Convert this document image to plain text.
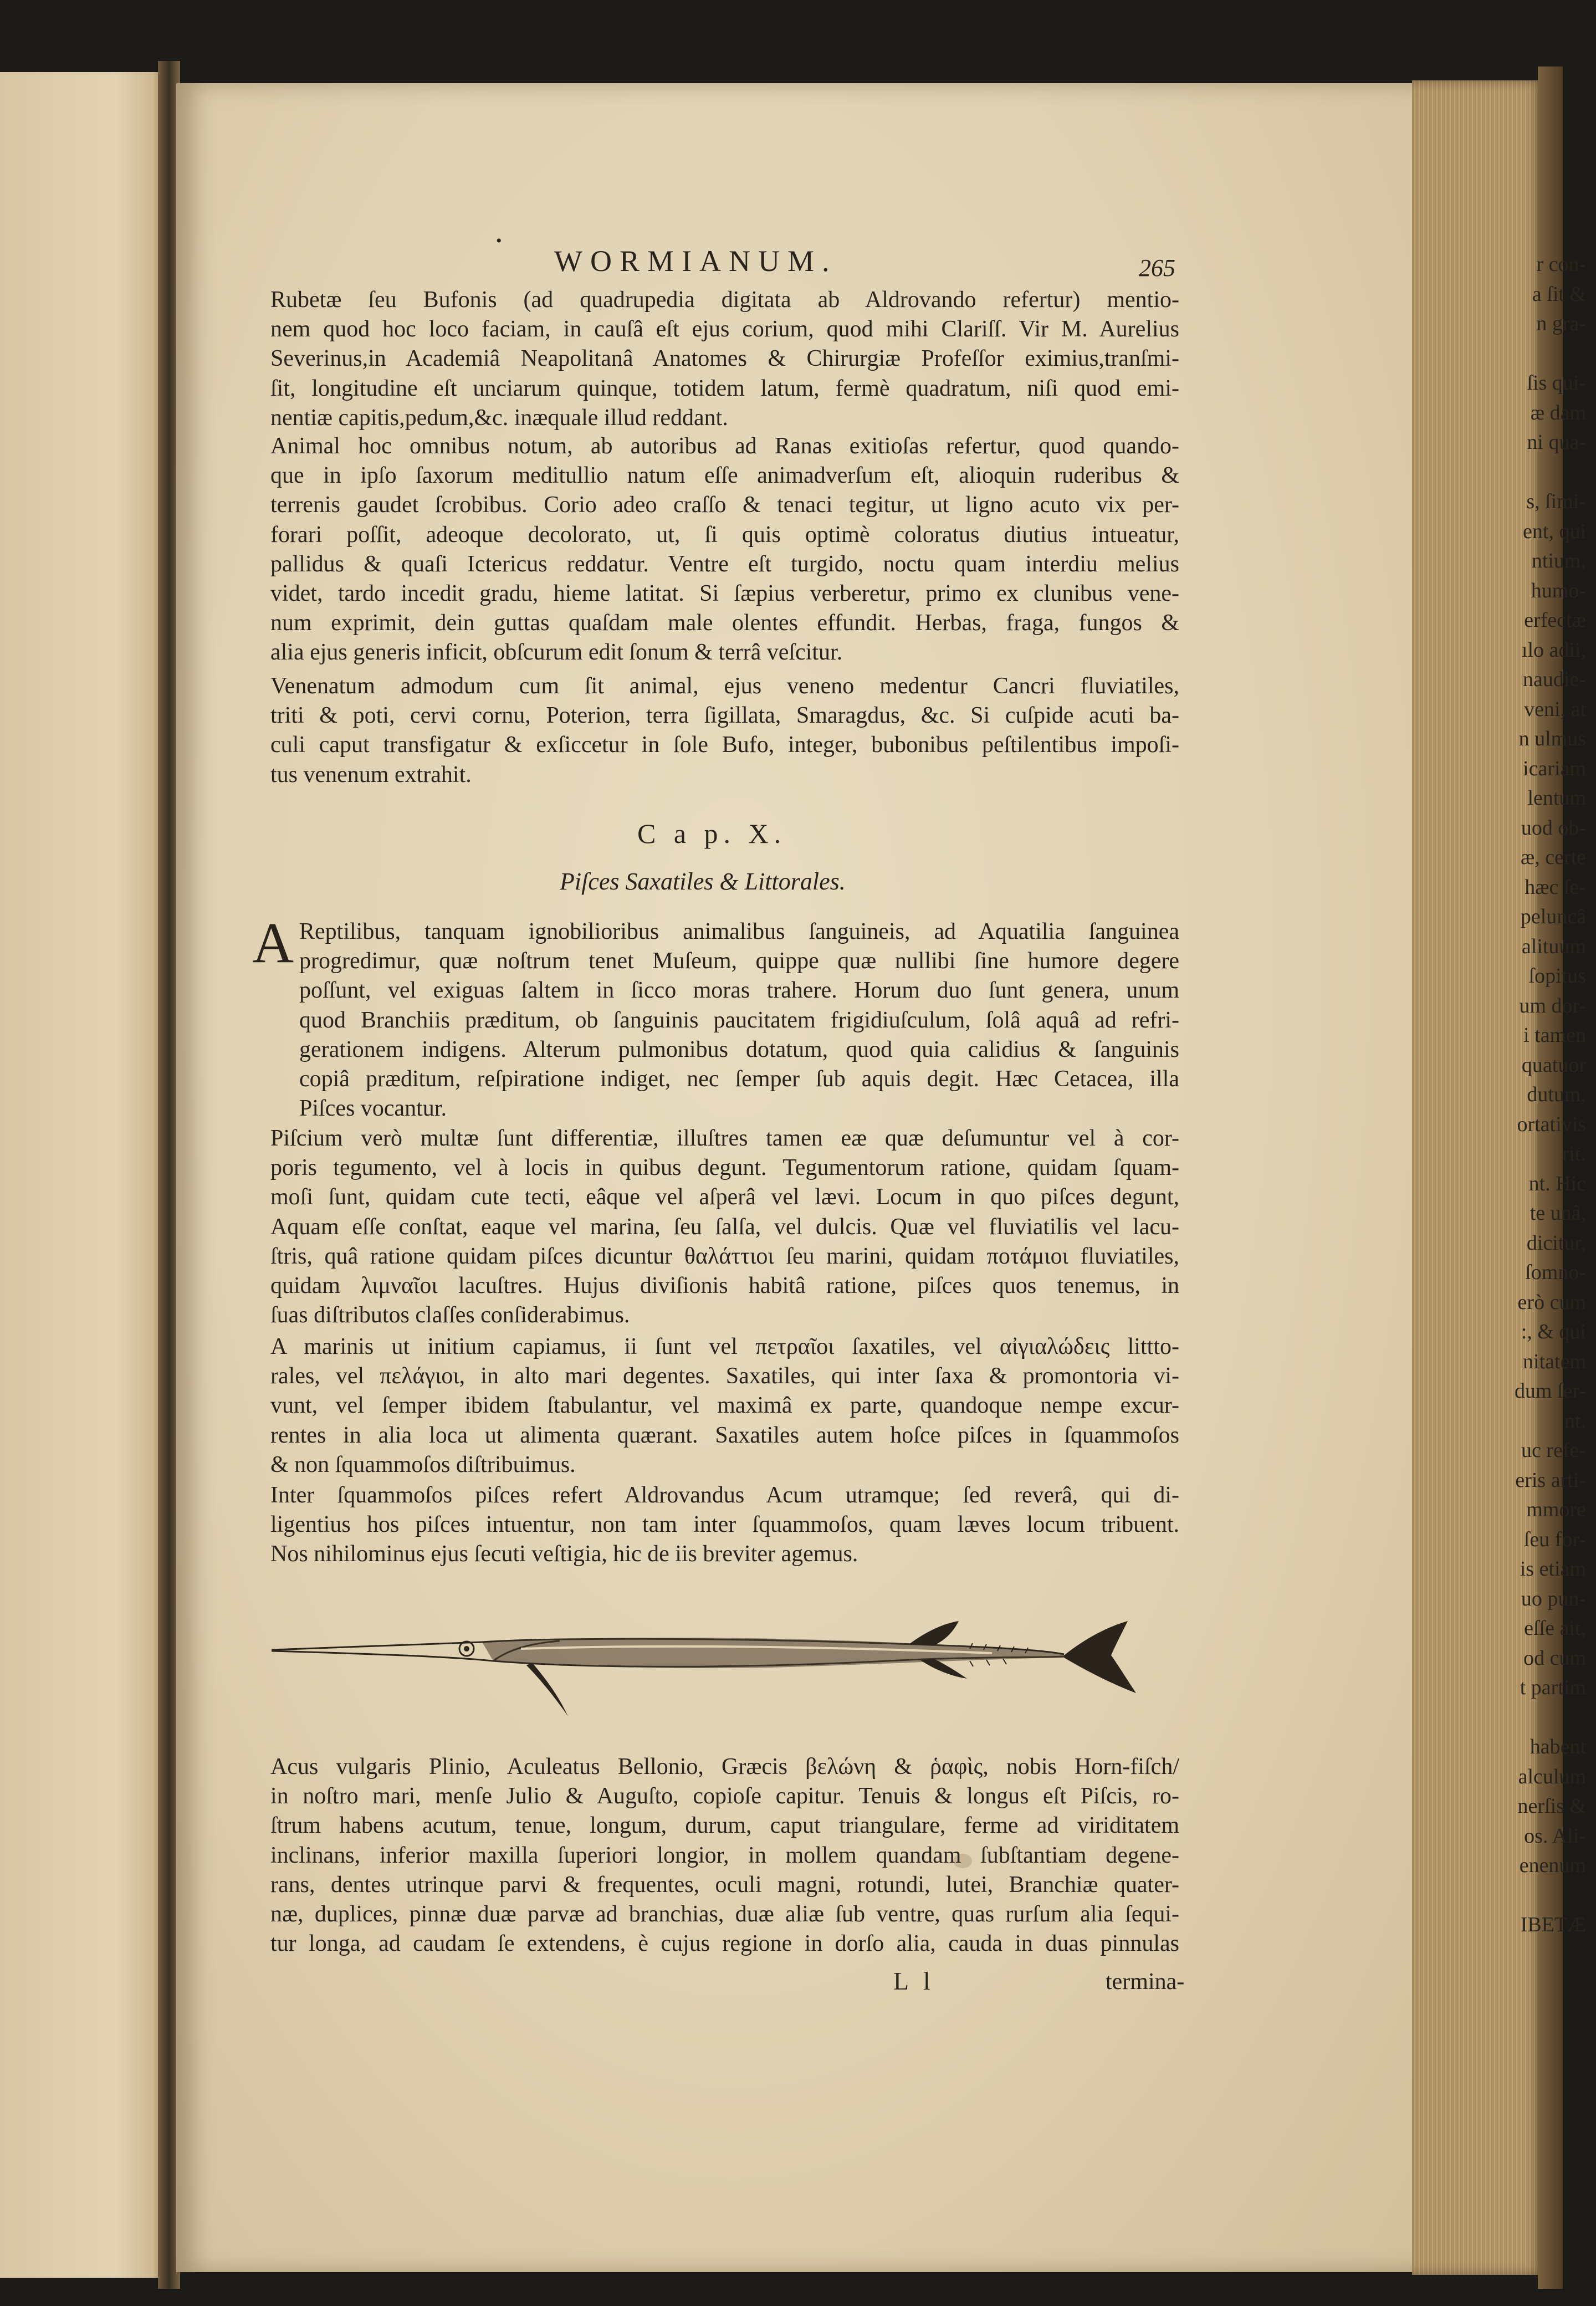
•
WORMIANUM.	265
Rubetæ ſeu Bufonis (ad quadrupedia digitata ab Aldrovando refertur) mentio-
nem quod hoc loco faciam, in cauſâ eſt ejus corium, quod mihi Clariſſ. Vir M. Aurelius
Severinus,in Academiâ Neapolitanâ Anatomes & Chirurgiæ Profeſſor eximius,tranſmi-
ſit, longitudine eſt unciarum quinque, totidem latum, fermè quadratum, niſi quod emi-
nentiæ capitis,pedum,&c. inæquale illud reddant.
Animal hoc omnibus notum, ab autoribus ad Ranas exitioſas refertur, quod quando-
que in ipſo ſaxorum meditullio natum eſſe animadverſum eſt, alioquin ruderibus &
terrenis gaudet ſcrobibus. Corio adeo craſſo & tenaci tegitur, ut ligno acuto vix per-
forari poſſit, adeoque decolorato, ut, ſi quis optimè coloratus diutius intueatur,
pallidus & quaſi Ictericus reddatur. Ventre eſt turgido, noctu quam interdiu melius
videt, tardo incedit gradu, hieme latitat. Si ſæpius verberetur, primo ex clunibus vene-
num exprimit, dein guttas quaſdam male olentes effundit. Herbas, fraga, fungos &
alia ejus generis inficit, obſcurum edit ſonum & terrâ veſcitur.
Venenatum admodum cum ſit animal, ejus veneno medentur Cancri fluviatiles,
triti & poti, cervi cornu, Poterion, terra ſigillata, Smaragdus, &c. Si cuſpide acuti ba-
culi caput transfigatur & exſiccetur in ſole Bufo, integer, bubonibus peſtilentibus impoſi-
tus venenum extrahit.
C a p. X.
Piſces Saxatiles & Littorales.
A Reptilibus, tanquam ignobilioribus animalibus ſanguineis, ad Aquatilia ſanguinea
progredimur, quæ noſtrum tenet Muſeum, quippe quæ nullibi ſine humore degere
poſſunt, vel exiguas ſaltem in ſicco moras trahere. Horum duo ſunt genera, unum
quod Branchiis præditum, ob ſanguinis paucitatem frigidiuſculum, ſolâ aquâ ad refri-
gerationem indigens. Alterum pulmonibus dotatum, quod quia calidius & ſanguinis
copiâ præditum, reſpiratione indiget, nec ſemper ſub aquis degit. Hæc Cetacea, illa
Piſces vocantur.
Piſcium verò multæ ſunt differentiæ, illuſtres tamen eæ quæ deſumuntur vel à cor-
poris tegumento, vel à locis in quibus degunt. Tegumentorum ratione, quidam ſquam-
moſi ſunt, quidam cute tecti, eâque vel aſperâ vel lævi. Locum in quo piſces degunt,
Aquam eſſe conſtat, eaque vel marina, ſeu ſalſa, vel dulcis. Quæ vel fluviatilis vel lacu-
ſtris, quâ ratione quidam piſces dicuntur θαλάττιοι ſeu marini, quidam ποτάμιοι fluviatiles,
quidam λιμναῖοι lacuſtres. Hujus diviſionis habitâ ratione, piſces quos tenemus, in
ſuas diſtributos claſſes conſiderabimus.
A marinis ut initium capiamus, ii ſunt vel πετραῖοι ſaxatiles, vel αἰγιαλώδεις littto-
rales, vel πελάγιοι, in alto mari degentes. Saxatiles, qui inter ſaxa & promontoria vi-
vunt, vel ſemper ibidem ſtabulantur, vel maximâ ex parte, quandoque nempe excur-
rentes in alia loca ut alimenta quærant. Saxatiles autem hoſce piſces in ſquammoſos
& non ſquammoſos diſtribuimus.
Inter ſquammoſos piſces refert Aldrovandus Acum utramque; ſed reverâ, qui di-
ligentius hos piſces intuentur, non tam inter ſquammoſos, quam læves locum tribuent.
Nos nihilominus ejus ſecuti veſtigia, hic de iis breviter agemus.
Acus vulgaris Plinio, Aculeatus Bellonio, Græcis βελώνη & ῥαφὶς, nobis Horn-fiſch/
in noſtro mari, menſe Julio & Auguſto, copioſe capitur. Tenuis & longus eſt Piſcis, ro-
ſtrum habens acutum, tenue, longum, durum, caput triangulare, ferme ad viriditatem
inclinans, inferior maxilla ſuperiori longior, in mollem quandam ſubſtantiam degene-
rans, dentes utrinque parvi & frequentes, oculi magni, rotundi, lutei, Branchiæ quater-
næ, duplices, pinnæ duæ parvæ ad branchias, duæ aliæ ſub ventre, quas rurſum alia ſequi-
tur longa, ad caudam ſe extendens, è cujus regione in dorſo alia, cauda in duas pinnulas
L l	termina-
r con-
a ſit &
n gra-
ſis qui-
æ dam
ni qua-
s, ſimi-
ent, qui
ntium,
humo-
erfectæ
ılo adii,
naudie-
veni, at
n ulmus
icariam
lentum
uod ob-
æ, certe
hæc ſe-
peluncâ
alituum
ſopitus
um dor-
i tamen
quatuor
dutum,
ortativis
rit.
nt. Hic
te unâ,
dicitur,
ſomno-
erò cum
:, & qui
nitatem
dum ſer-
nt.
uc refe-
eris arti-
mmore
ſeu for-
is etiam
uo pun-
eſſe ait,
od cum
t partim
habent
alculum
nerſis &
os. Ali-
enenum
IBETÆ
